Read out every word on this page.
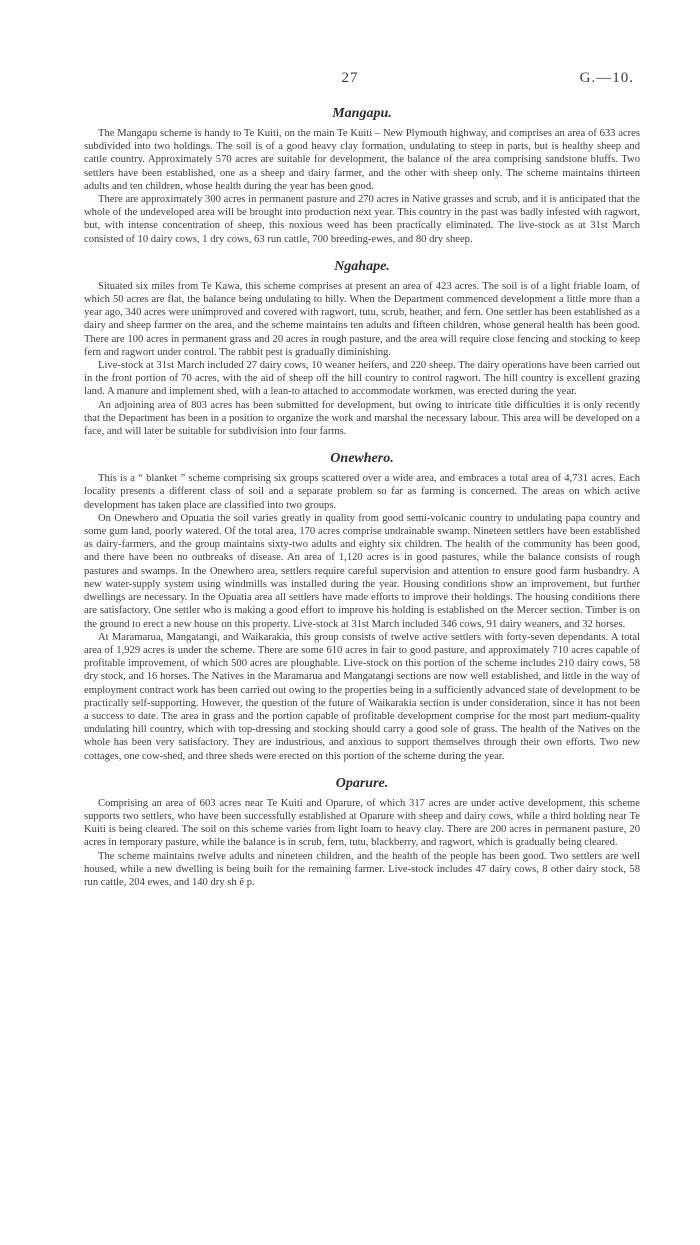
27	G.—10.
Mangapu.

The Mangapu scheme is handy to Te Kuiti, on the main Te Kuiti – New Plymouth highway, and comprises an area of 633 acres subdivided into two holdings. The soil is of a good heavy clay formation, undulating to steep in parts, but is healthy sheep and cattle country. Approximately 570 acres are suitable for development, the balance of the area comprising sandstone bluffs. Two settlers have been established, one as a sheep and dairy farmer, and the other with sheep only. The scheme maintains thirteen adults and ten children, whose health during the year has been good.

There are approximately 300 acres in permanent pasture and 270 acres in Native grasses and scrub, and it is anticipated that the whole of the undeveloped area will be brought into production next year. This country in the past was badly infested with ragwort, but, with intense concentration of sheep, this noxious weed has been practically eliminated. The live-stock as at 31st March consisted of 10 dairy cows, 1 dry cows, 63 run cattle, 700 breeding-ewes, and 80 dry sheep.

Ngahape.

Situated six miles from Te Kawa, this scheme comprises at present an area of 423 acres. The soil is of a light friable loam, of which 50 acres are flat, the balance being undulating to hilly. When the Department commenced development a little more than a year ago, 340 acres were unimproved and covered with ragwort, tutu, scrub, heather, and fern. One settler has been established as a dairy and sheep farmer on the area, and the scheme maintains ten adults and fifteen children, whose general health has been good. There are 100 acres in permanent grass and 20 acres in rough pasture, and the area will require close fencing and stocking to keep fern and ragwort under control. The rabbit pest is gradually diminishing.

Live-stock at 31st March included 27 dairy cows, 10 weaner heifers, and 220 sheep. The dairy operations have been carried out in the front portion of 70 acres, with the aid of sheep off the hill country to control ragwort. The hill country is excellent grazing land. A manure and implement shed, with a lean-to attached to accommodate workmen, was erected during the year.

An adjoining area of 803 acres has been submitted for development, but owing to intricate title difficulties it is only recently that the Department has been in a position to organize the work and marshal the necessary labour. This area will be developed on a face, and will later be suitable for subdivision into four farms.

Onewhero.

This is a “ blanket ” scheme comprising six groups scattered over a wide area, and embraces a total area of 4,731 acres. Each locality presents a different class of soil and a separate problem so far as farming is concerned. The areas on which active development has taken place are classified into two groups.

On Onewhero and Opuatia the soil varies greatly in quality from good semi-volcanic country to undulating papa country and some gum land, poorly watered. Of the total area, 170 acres comprise undrainable swamp. Nineteen settlers have been established as dairy-farmers, and the group maintains sixty-two adults and eighty six children. The health of the community has been good, and there have been no outbreaks of disease. An area of 1,120 acres is in good pastures, while the balance consists of rough pastures and swamps. In the Onewhero area, settlers require careful supervision and attention to ensure good farm husbandry. A new water-supply system using windmills was installed during the year. Housing conditions show an improvement, but further dwellings are necessary. In the Opuatia area all settlers have made efforts to improve their holdings. The housing conditions there are satisfactory. One settler who is making a good effort to improve his holding is established on the Mercer section. Timber is on the ground to erect a new house on this property. Live-stock at 31st March included 346 cows, 91 dairy weaners, and 32 horses.

At Maramarua, Mangatangi, and Waikarakia, this group consists of twelve active settlers with forty-seven dependants. A total area of 1,929 acres is under the scheme. There are some 610 acres in fair to good pasture, and approximately 710 acres capable of profitable improvement, of which 500 acres are ploughable. Live-stock on this portion of the scheme includes 210 dairy cows, 58 dry stock, and 16 horses. The Natives in the Maramarua and Mangatangi sections are now well established, and little in the way of employment contract work has been carried out owing to the properties being in a sufficiently advanced state of development to be practically self-supporting. However, the question of the future of Waikarakia section is under consideration, since it has not been a success to date. The area in grass and the portion capable of profitable development comprise for the most part medium-quality undulating hill country, which with top-dressing and stocking should carry a good sole of grass. The health of the Natives on the whole has been very satisfactory. They are industrious, and anxious to support themselves through their own efforts. Two new cottages, one cow-shed, and three sheds were erected on this portion of the scheme during the year.

Oparure.

Comprising an area of 603 acres near Te Kuiti and Oparure, of which 317 acres are under active development, this scheme supports two settlers, who have been successfully established at Oparure with sheep and dairy cows, while a third holding near Te Kuiti is being cleared. The soil on this scheme varies from light loam to heavy clay. There are 200 acres in permanent pasture, 20 acres in temporary pasture, while the balance is in scrub, fern, tutu, blackberry, and ragwort, which is gradually being cleared.

The scheme maintains twelve adults and nineteen children, and the health of the people has been good. Two settlers are well housed, while a new dwelling is being built for the remaining farmer. Live-stock includes 47 dairy cows, 8 other dairy stock, 58 run cattle, 204 ewes, and 140 dry sh ẽ p.
